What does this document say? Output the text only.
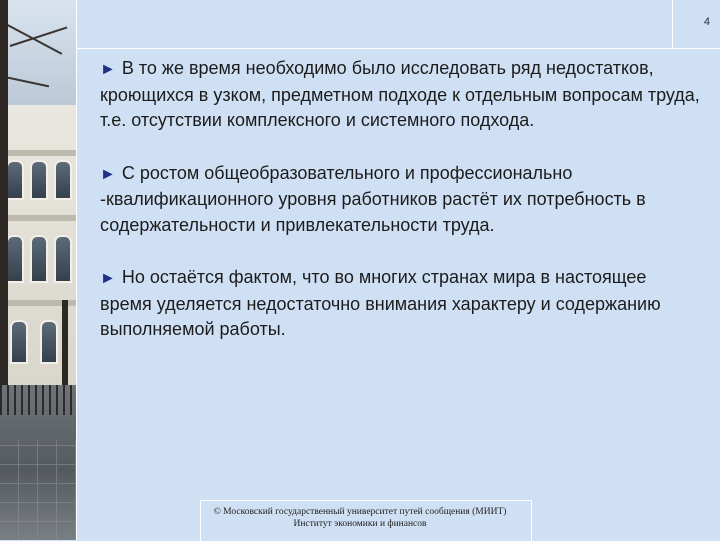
4

► В то же время необходимо было исследовать ряд недостатков, кроющихся в узком, предметном подходе к отдельным вопросам труда, т.е. отсутствии комплексного и системного подхода.

► С ростом общеобразовательного и профессионально -квалификационного уровня работников растёт их потребность в содержательности и привлекательности труда.

► Но остаётся фактом, что во многих странах мира в настоящее время уделяется недостаточно внимания характеру и содержанию выполняемой работы.

© Московский государственный университет путей сообщения (МИИТ)
Институт экономики и финансов
